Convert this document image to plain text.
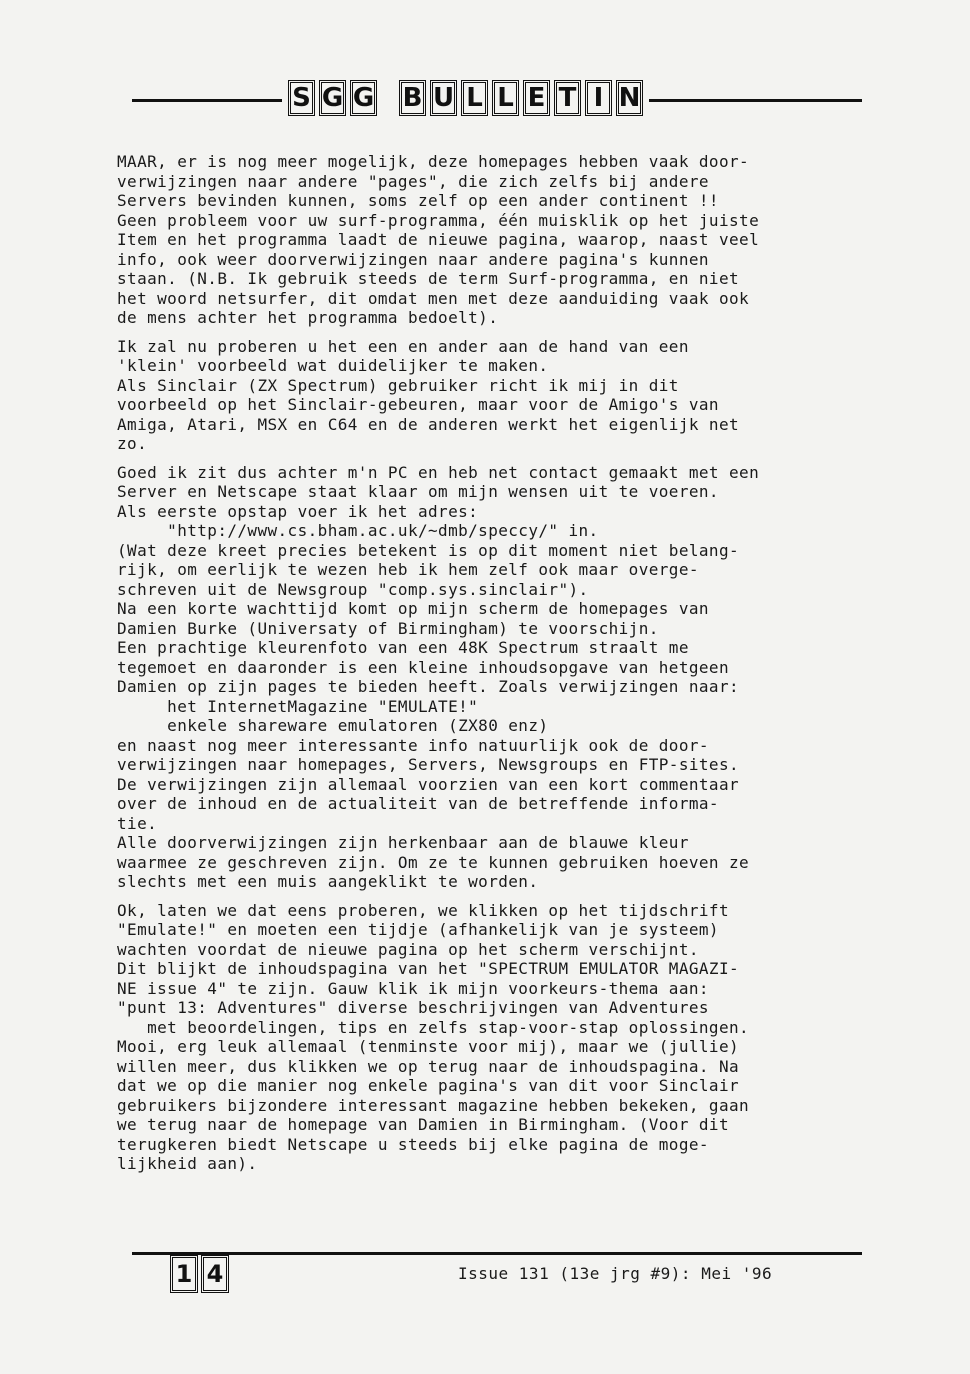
S G G B U L L E T I N
MAAR, er is nog meer mogelijk, deze homepages hebben vaak door-
verwijzingen naar andere "pages", die zich zelfs bij andere
Servers bevinden kunnen, soms zelf op een ander continent !!
Geen probleem voor uw surf-programma, één muisklik op het juiste
Item en het programma laadt de nieuwe pagina, waarop, naast veel
info, ook weer doorverwijzingen naar andere pagina's kunnen
staan. (N.B. Ik gebruik steeds de term Surf-programma, en niet
het woord netsurfer, dit omdat men met deze aanduiding vaak ook
de mens achter het programma bedoelt).
Ik zal nu proberen u het een en ander aan de hand van een
'klein' voorbeeld wat duidelijker te maken.
Als Sinclair (ZX Spectrum) gebruiker richt ik mij in dit
voorbeeld op het Sinclair-gebeuren, maar voor de Amigo's van
Amiga, Atari, MSX en C64 en de anderen werkt het eigenlijk net
zo.
Goed ik zit dus achter m'n PC en heb net contact gemaakt met een
Server en Netscape staat klaar om mijn wensen uit te voeren.
Als eerste opstap voer ik het adres:
"http://www.cs.bham.ac.uk/~dmb/speccy/" in.
(Wat deze kreet precies betekent is op dit moment niet belang-
rijk, om eerlijk te wezen heb ik hem zelf ook maar overge-
schreven uit de Newsgroup "comp.sys.sinclair").
Na een korte wachttijd komt op mijn scherm de homepages van
Damien Burke (Universaty of Birmingham) te voorschijn.
Een prachtige kleurenfoto van een 48K Spectrum straalt me
tegemoet en daaronder is een kleine inhoudsopgave van hetgeen
Damien op zijn pages te bieden heeft. Zoals verwijzingen naar:
het InternetMagazine "EMULATE!"
enkele shareware emulatoren (ZX80 enz)
en naast nog meer interessante info natuurlijk ook de door-
verwijzingen naar homepages, Servers, Newsgroups en FTP-sites.
De verwijzingen zijn allemaal voorzien van een kort commentaar
over de inhoud en de actualiteit van de betreffende informa-
tie.
Alle doorverwijzingen zijn herkenbaar aan de blauwe kleur
waarmee ze geschreven zijn. Om ze te kunnen gebruiken hoeven ze
slechts met een muis aangeklikt te worden.
Ok, laten we dat eens proberen, we klikken op het tijdschrift
"Emulate!" en moeten een tijdje (afhankelijk van je systeem)
wachten voordat de nieuwe pagina op het scherm verschijnt.
Dit blijkt de inhoudspagina van het "SPECTRUM EMULATOR MAGAZI-
NE issue 4" te zijn. Gauw klik ik mijn voorkeurs-thema aan:
"punt 13: Adventures" diverse beschrijvingen van Adventures
met beoordelingen, tips en zelfs stap-voor-stap oplossingen.
Mooi, erg leuk allemaal (tenminste voor mij), maar we (jullie)
willen meer, dus klikken we op terug naar de inhoudspagina. Na
dat we op die manier nog enkele pagina's van dit voor Sinclair
gebruikers bijzondere interessant magazine hebben bekeken, gaan
we terug naar de homepage van Damien in Birmingham. (Voor dit
terugkeren biedt Netscape u steeds bij elke pagina de moge-
lijkheid aan).
1 4	Issue 131 (13e jrg #9): Mei '96
